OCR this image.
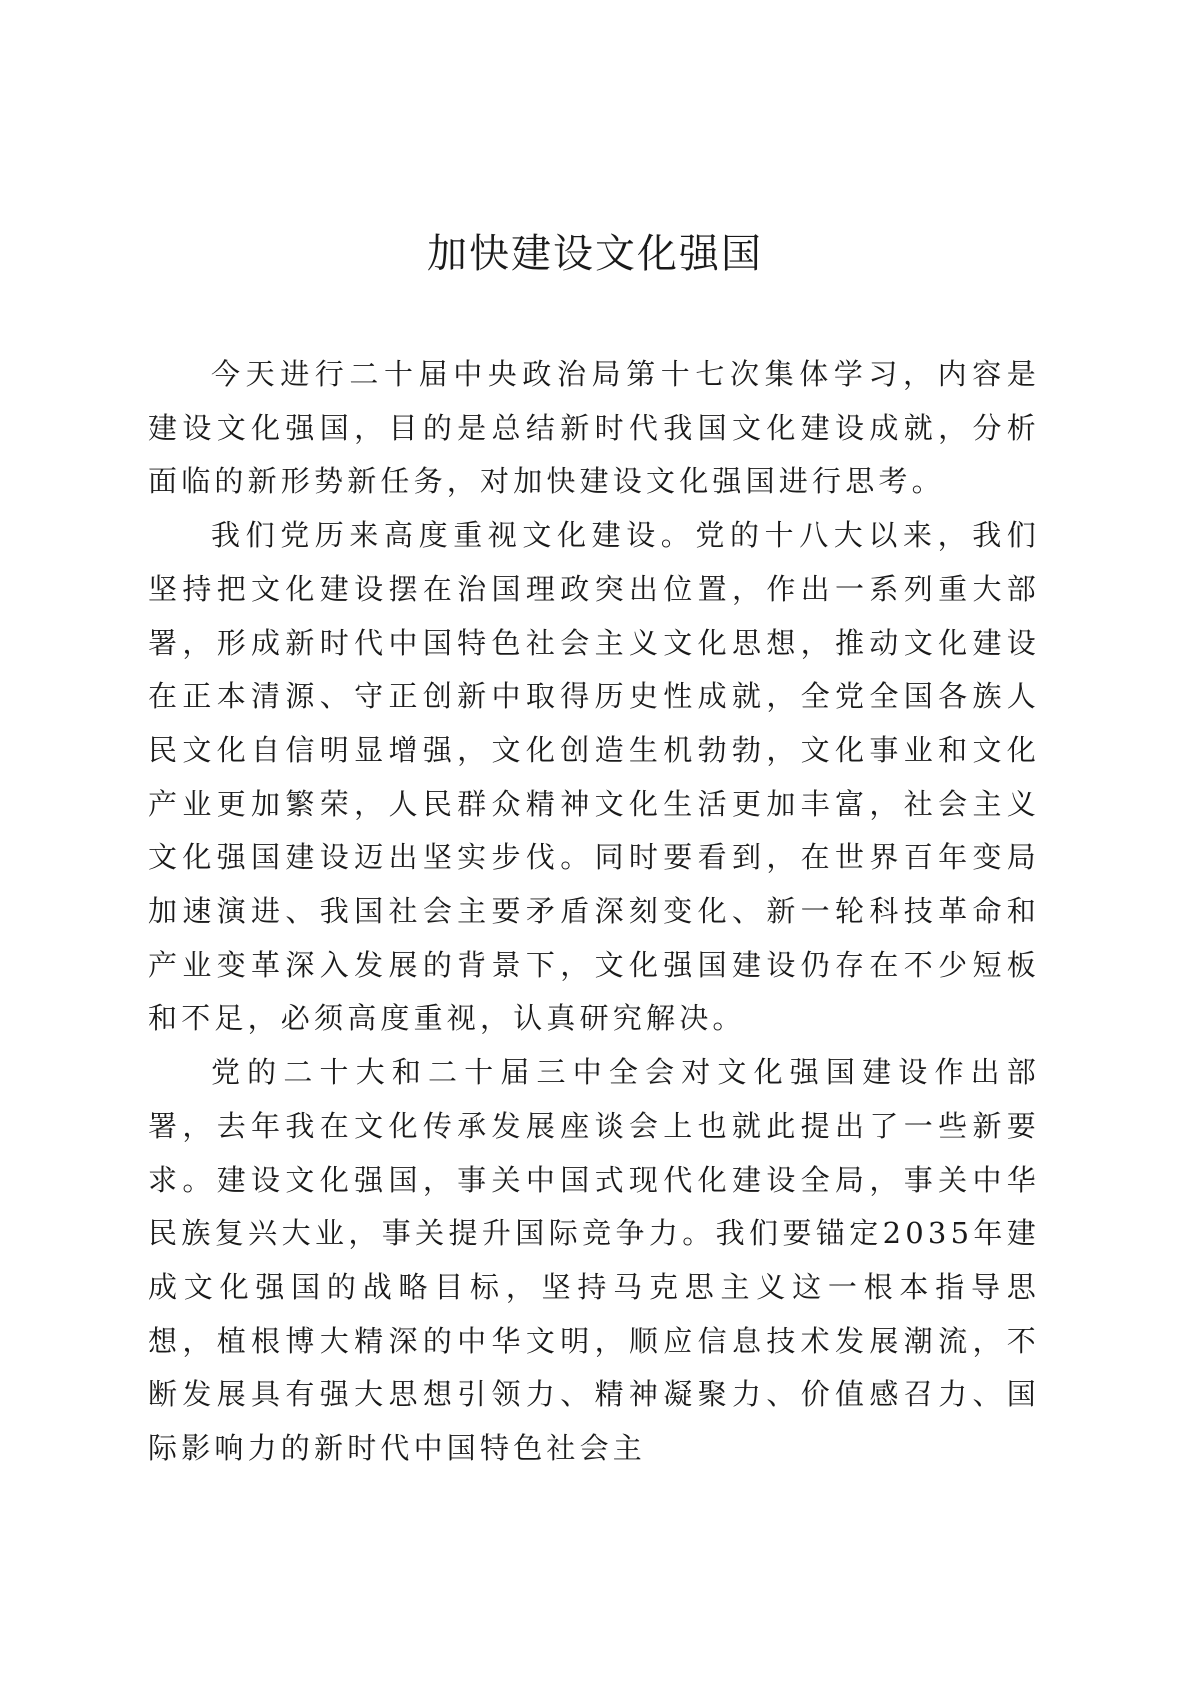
加快建设文化强国

今天进行二十届中央政治局第十七次集体学习，内容是建设文化强国，目的是总结新时代我国文化建设成就，分析面临的新形势新任务，对加快建设文化强国进行思考。

我们党历来高度重视文化建设。党的十八大以来，我们坚持把文化建设摆在治国理政突出位置，作出一系列重大部署，形成新时代中国特色社会主义文化思想，推动文化建设在正本清源、守正创新中取得历史性成就，全党全国各族人民文化自信明显增强，文化创造生机勃勃，文化事业和文化产业更加繁荣，人民群众精神文化生活更加丰富，社会主义文化强国建设迈出坚实步伐。同时要看到，在世界百年变局加速演进、我国社会主要矛盾深刻变化、新一轮科技革命和产业变革深入发展的背景下，文化强国建设仍存在不少短板和不足，必须高度重视，认真研究解决。

党的二十大和二十届三中全会对文化强国建设作出部署，去年我在文化传承发展座谈会上也就此提出了一些新要求。建设文化强国，事关中国式现代化建设全局，事关中华民族复兴大业，事关提升国际竞争力。我们要锚定2035年建成文化强国的战略目标，坚持马克思主义这一根本指导思想，植根博大精深的中华文明，顺应信息技术发展潮流，不断发展具有强大思想引领力、精神凝聚力、价值感召力、国际影响力的新时代中国特色社会主
